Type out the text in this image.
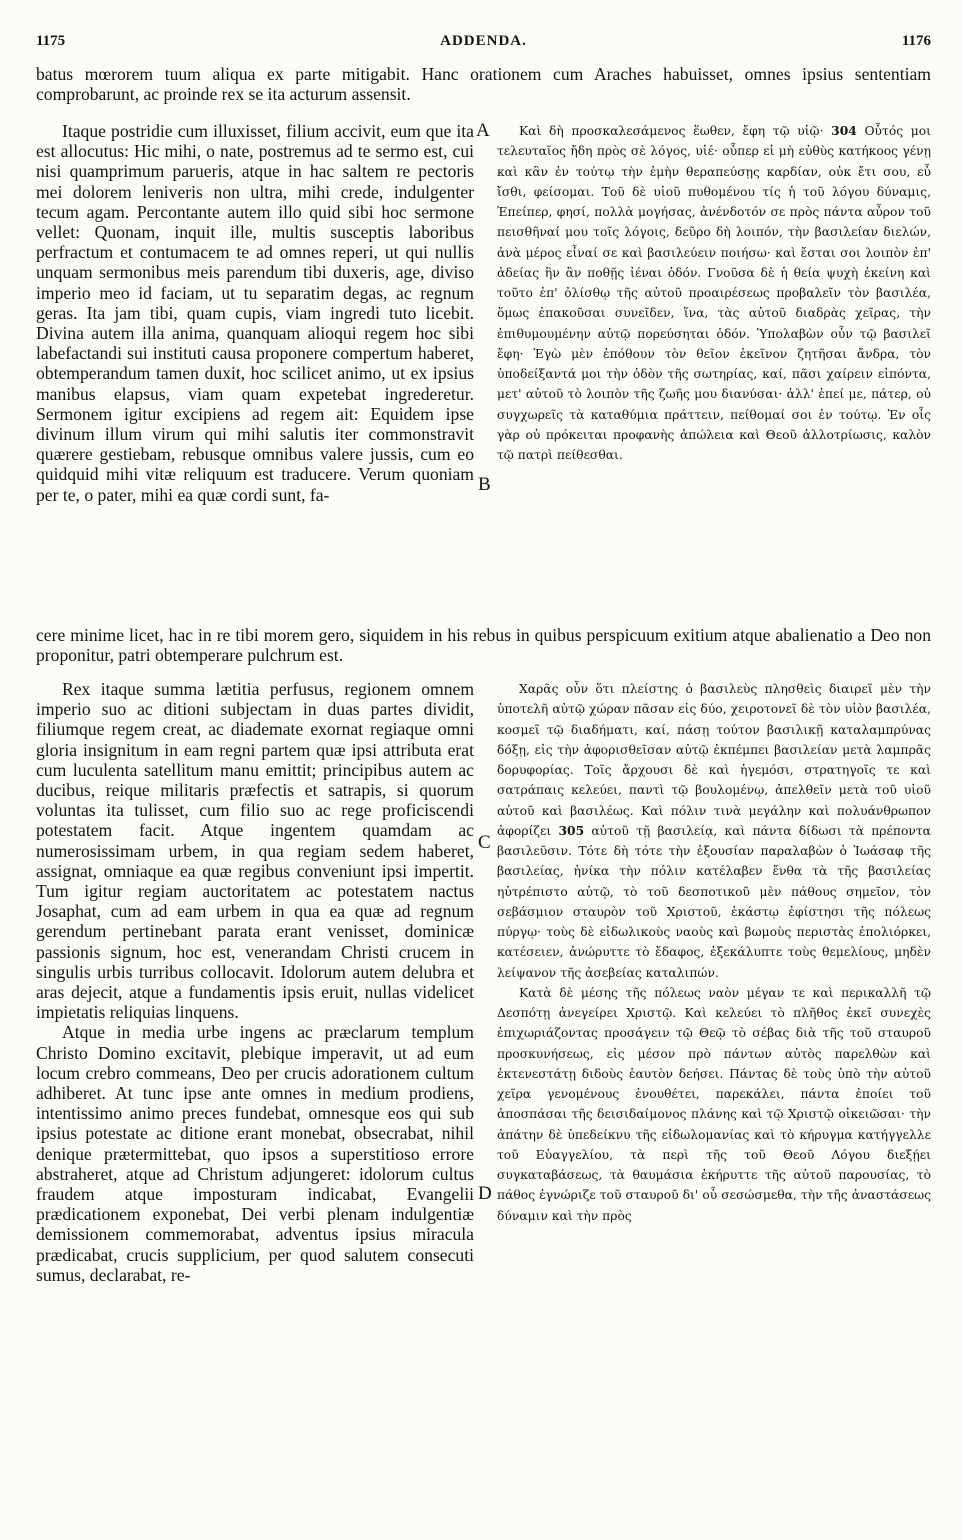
1175	ADDENDA.	1176

batus mœrorem tuum aliqua ex parte mitigabit. Hanc orationem cum Araches habuisset, omnes ipsius sententiam comprobarunt, ac proinde rex se ita acturum assensit.

Itaque postridie cum illuxisset, filium accivit, eum que ita est allocutus: Hic mihi, o nate, postremus ad te sermo est, cui nisi quamprimum parueris, atque in hac saltem re pectoris mei dolorem leniveris non ultra, mihi crede, indulgenter tecum agam. Percontante autem illo quid sibi hoc sermone vellet: Quonam, inquit ille, multis susceptis laboribus perfractum et contumacem te ad omnes reperi, ut qui nullis unquam sermonibus meis parendum tibi duxeris, age, diviso imperio meo id faciam, ut tu separatim degas, ac regnum geras. Ita jam tibi, quam cupis, viam ingredi tuto licebit. Divina autem illa anima, quanquam alioqui regem hoc sibi labefactandi sui instituti causa proponere compertum haberet, obtemperandum tamen duxit, hoc scilicet animo, ut ex ipsius manibus elapsus, viam quam expetebat ingrederetur. Sermonem igitur excipiens ad regem ait: Equidem ipse divinum illum virum qui mihi salutis iter commonstravit quærere gestiebam, rebusque omnibus valere jussis, cum eo quidquid mihi vitæ reliquum est traducere. Verum quoniam per te, o pater, mihi ea quæ cordi sunt, fa-

Καὶ δὴ προσκαλεσάμενος ἕωθεν, ἔφη τῷ υἱῷ· 304 Οὗτός μοι τελευταῖος ἤδη πρὸς σὲ λόγος, υἱέ· οὗπερ εἰ μὴ εὐθὺς κατήκοος γένῃ καὶ κἂν ἐν τούτῳ τὴν ἐμὴν θεραπεύσῃς καρδίαν, οὐκ ἔτι σου, εὖ ἴσθι, φείσομαι. Τοῦ δὲ υἱοῦ πυθομένου τίς ἡ τοῦ λόγου δύναμις, Ἐπείπερ, φησί, πολλὰ μογήσας, ἀνένδοτόν σε πρὸς πάντα αὖρον τοῦ πεισθῆναί μου τοῖς λόγοις, δεῦρο δὴ λοιπόν, τὴν βασιλείαν διελών, ἀνὰ μέρος εἶναί σε καὶ βασιλεύειν ποιήσω· καὶ ἔσται σοι λοιπὸν ἐπ' ἀδείας ἣν ἂν ποθῇς ἰέναι ὁδόν. Γνοῦσα δὲ ἡ θεία ψυχὴ ἐκείνη καὶ τοῦτο ἐπ' ὀλίσθῳ τῆς αὐτοῦ προαιρέσεως προβαλεῖν τὸν βασιλέα, ὅμως ἐπακοῦσαι συνεῖδεν, ἵνα, τὰς αὐτοῦ διαδρὰς χεῖρας, τὴν ἐπιθυμουμένην αὐτῷ πορεύσηται ὁδόν. Ὑπολαβὼν οὖν τῷ βασιλεῖ ἔφη· Ἐγὼ μὲν ἐπόθουν τὸν θεῖον ἐκεῖνον ζητῆσαι ἄνδρα, τὸν ὑποδείξαντά μοι τὴν ὁδὸν τῆς σωτηρίας, καί, πᾶσι χαίρειν εἰπόντα, μετ' αὐτοῦ τὸ λοιπὸν τῆς ζωῆς μου διανύσαι· ἀλλ' ἐπεί με, πάτερ, οὐ συγχωρεῖς τὰ καταθύμια πράττειν, πείθομαί σοι ἐν τούτῳ. Ἐν οἷς γὰρ οὐ πρόκειται προφανὴς ἀπώλεια καὶ Θεοῦ ἀλλοτρίωσις, καλὸν τῷ πατρὶ πείθεσθαι.

A
B

cere minime licet, hac in re tibi morem gero, siquidem in his rebus in quibus perspicuum exitium atque abalienatio a Deo non proponitur, patri obtemperare pulchrum est.

Rex itaque summa lætitia perfusus, regionem omnem imperio suo ac ditioni subjectam in duas partes dividit, filiumque regem creat, ac diademate exornat regiaque omni gloria insignitum in eam regni partem quæ ipsi attributa erat cum luculenta satellitum manu emittit; principibus autem ac ducibus, reique militaris præfectis et satrapis, si quorum voluntas ita tulisset, cum filio suo ac rege proficiscendi potestatem facit. Atque ingentem quamdam ac numerosissimam urbem, in qua regiam sedem haberet, assignat, omniaque ea quæ regibus conveniunt ipsi impertit. Tum igitur regiam auctoritatem ac potestatem nactus Josaphat, cum ad eam urbem in qua ea quæ ad regnum gerendum pertinebant parata erant venisset, dominicæ passionis signum, hoc est, venerandam Christi crucem in singulis urbis turribus collocavit. Idolorum autem delubra et aras dejecit, atque a fundamentis ipsis eruit, nullas videlicet impietatis reliquias linquens.

Atque in media urbe ingens ac præclarum templum Christo Domino excitavit, plebique imperavit, ut ad eum locum crebro commeans, Deo per crucis adorationem cultum adhiberet. At tunc ipse ante omnes in medium prodiens, intentissimo animo preces fundebat, omnesque eos qui sub ipsius potestate ac ditione erant monebat, obsecrabat, nihil denique prætermittebat, quo ipsos a superstitioso errore abstraheret, atque ad Christum adjungeret: idolorum cultus fraudem atque imposturam indicabat, Evangelii prædicationem exponebat, Dei verbi plenam indulgentiæ demissionem commemorabat, adventus ipsius miracula prædicabat, crucis supplicium, per quod salutem consecuti sumus, declarabat, re-

Χαρᾶς οὖν ὅτι πλείστης ὁ βασιλεὺς πλησθεὶς διαιρεῖ μὲν τὴν ὑποτελῆ αὐτῷ χώραν πᾶσαν εἰς δύο, χειροτονεῖ δὲ τὸν υἱὸν βασιλέα, κοσμεῖ τῷ διαδήματι, καί, πάσῃ τούτον βασιλικῇ καταλαμπρύνας δόξῃ, εἰς τὴν ἀφορισθεῖσαν αὐτῷ ἐκπέμπει βασιλείαν μετὰ λαμπρᾶς δορυφορίας. Τοῖς ἄρχουσι δὲ καὶ ἡγεμόσι, στρατηγοῖς τε καὶ σατράπαις κελεύει, παντὶ τῷ βουλομένῳ, ἀπελθεῖν μετὰ τοῦ υἱοῦ αὐτοῦ καὶ βασιλέως. Καὶ πόλιν τινὰ μεγάλην καὶ πολυάνθρωπον ἀφορίζει 305 αὐτοῦ τῇ βασιλείᾳ, καὶ πάντα δίδωσι τὰ πρέποντα βασιλεῦσιν. Τότε δὴ τότε τὴν ἐξουσίαν παραλαβὼν ὁ Ἰωάσαφ τῆς βασιλείας, ἡνίκα τὴν πόλιν κατέλαβεν ἔνθα τὰ τῆς βασιλείας ηὐτρέπιστο αὐτῷ, τὸ τοῦ δεσποτικοῦ μὲν πάθους σημεῖον, τὸν σεβάσμιον σταυρὸν τοῦ Χριστοῦ, ἑκάστῳ ἐφίστησι τῆς πόλεως πύργῳ· τοὺς δὲ εἰδωλικοὺς ναοὺς καὶ βωμοὺς περιστὰς ἐπολιόρκει, κατέσειεν, ἀνώρυττε τὸ ἔδαφος, ἐξεκάλυπτε τοὺς θεμελίους, μηδὲν λείψανον τῆς ἀσεβείας καταλιπών.

Κατὰ δὲ μέσης τῆς πόλεως ναὸν μέγαν τε καὶ περικαλλῆ τῷ Δεσπότῃ ἀνεγείρει Χριστῷ. Καὶ κελεύει τὸ πλῆθος ἐκεῖ συνεχὲς ἐπιχωριάζοντας προσάγειν τῷ Θεῷ τὸ σέβας διὰ τῆς τοῦ σταυροῦ προσκυνήσεως, εἰς μέσον πρὸ πάντων αὐτὸς παρελθὼν καὶ ἐκτενεστάτῃ διδοὺς ἑαυτὸν δεήσει. Πάντας δὲ τοὺς ὑπὸ τὴν αὐτοῦ χεῖρα γενομένους ἐνουθέτει, παρεκάλει, πάντα ἐποίει τοῦ ἀποσπάσαι τῆς δεισιδαίμονος πλάνης καὶ τῷ Χριστῷ οἰκειῶσαι· τὴν ἀπάτην δὲ ὑπεδείκνυ τῆς εἰδωλομανίας καὶ τὸ κήρυγμα κατήγγελλε τοῦ Εὐαγγελίου, τὰ περὶ τῆς τοῦ Θεοῦ Λόγου διεξῄει συγκαταβάσεως, τὰ θαυμάσια ἐκήρυττε τῆς αὐτοῦ παρουσίας, τὸ πάθος ἐγνώριζε τοῦ σταυροῦ δι' οὗ σεσώσμεθα, τὴν τῆς ἀναστάσεως δύναμιν καὶ τὴν πρὸς

C
D
